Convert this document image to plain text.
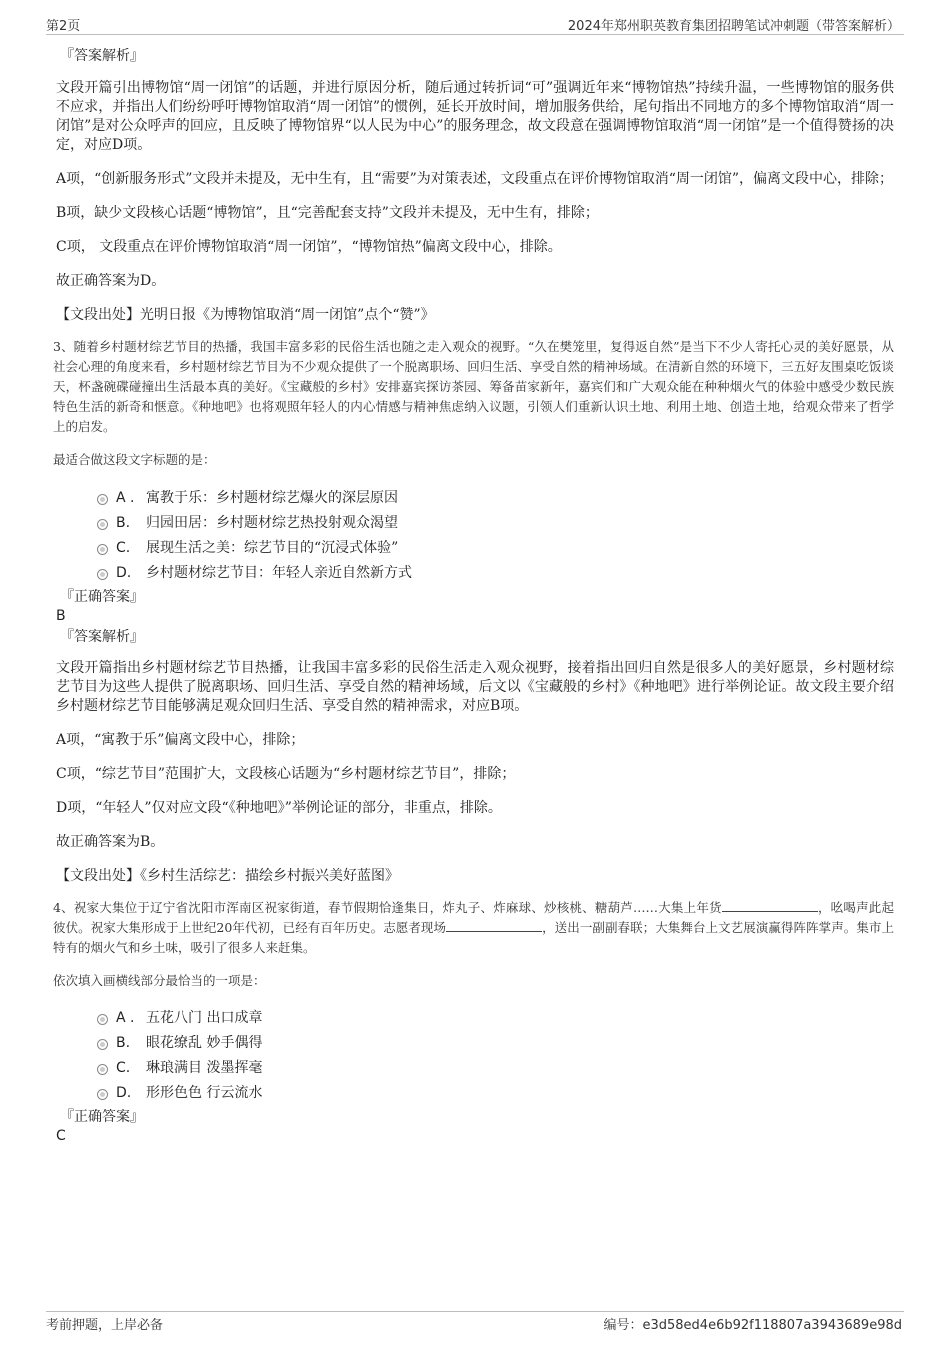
第2页	2024年郑州职英教育集团招聘笔试冲刺题（带答案解析）
『答案解析』

文段开篇引出博物馆“周一闭馆”的话题，并进行原因分析，随后通过转折词“可”强调近年来“博物馆热”持续升温，一些博物馆的服务供不应求，并指出人们纷纷呼吁博物馆取消“周一闭馆”的惯例，延长开放时间，增加服务供给，尾句指出不同地方的多个博物馆取消“周一闭馆”是对公众呼声的回应，且反映了博物馆界“以人民为中心”的服务理念，故文段意在强调博物馆取消“周一闭馆”是一个值得赞扬的决定，对应D项。

A项，“创新服务形式”文段并未提及，无中生有，且“需要”为对策表述，文段重点在评价博物馆取消“周一闭馆”，偏离文段中心，排除；

B项，缺少文段核心话题“博物馆”，且“完善配套支持”文段并未提及，无中生有，排除；

C项， 文段重点在评价博物馆取消“周一闭馆”，“博物馆热”偏离文段中心，排除。

故正确答案为D。

【文段出处】光明日报《为博物馆取消“周一闭馆”点个“赞”》

3、随着乡村题材综艺节目的热播，我国丰富多彩的民俗生活也随之走入观众的视野。“久在樊笼里，复得返自然”是当下不少人寄托心灵的美好愿景，从社会心理的角度来看，乡村题材综艺节目为不少观众提供了一个脱离职场、回归生活、享受自然的精神场域。在清新自然的环境下，三五好友围桌吃饭谈天，杯盏碗碟碰撞出生活最本真的美好。《宝藏般的乡村》安排嘉宾探访茶园、筹备苗家新年，嘉宾们和广大观众能在种种烟火气的体验中感受少数民族特色生活的新奇和惬意。《种地吧》也将观照年轻人的内心情感与精神焦虑纳入议题，引领人们重新认识土地、利用土地、创造土地，给观众带来了哲学上的启发。

最适合做这段文字标题的是：

A . 寓教于乐：乡村题材综艺爆火的深层原因
B. 归园田居：乡村题材综艺热投射观众渴望
C. 展现生活之美：综艺节目的“沉浸式体验”
D. 乡村题材综艺节目：年轻人亲近自然新方式
『正确答案』
B
『答案解析』

文段开篇指出乡村题材综艺节目热播，让我国丰富多彩的民俗生活走入观众视野，接着指出回归自然是很多人的美好愿景，乡村题材综艺节目为这些人提供了脱离职场、回归生活、享受自然的精神场域，后文以《宝藏般的乡村》《种地吧》进行举例论证。故文段主要介绍乡村题材综艺节目能够满足观众回归生活、享受自然的精神需求，对应B项。

A项，“寓教于乐”偏离文段中心，排除；

C项，“综艺节目”范围扩大，文段核心话题为“乡村题材综艺节目”，排除；

D项，“年轻人”仅对应文段“《种地吧》”举例论证的部分，非重点，排除。

故正确答案为B。

【文段出处】《乡村生活综艺：描绘乡村振兴美好蓝图》

4、祝家大集位于辽宁省沈阳市浑南区祝家街道，春节假期恰逢集日，炸丸子、炸麻球、炒核桃、糖葫芦……大集上年货	，吆喝声此起彼伏。祝家大集形成于上世纪20年代初，已经有百年历史。志愿者现场	，送出一副副春联；大集舞台上文艺展演赢得阵阵掌声。集市上特有的烟火气和乡土味，吸引了很多人来赶集。

依次填入画横线部分最恰当的一项是：

A . 五花八门 出口成章
B. 眼花缭乱 妙手偶得
C. 琳琅满目 泼墨挥毫
D. 形形色色 行云流水
『正确答案』
C
考前押题，上岸必备	编号：e3d58ed4e6b92f118807a3943689e98d
